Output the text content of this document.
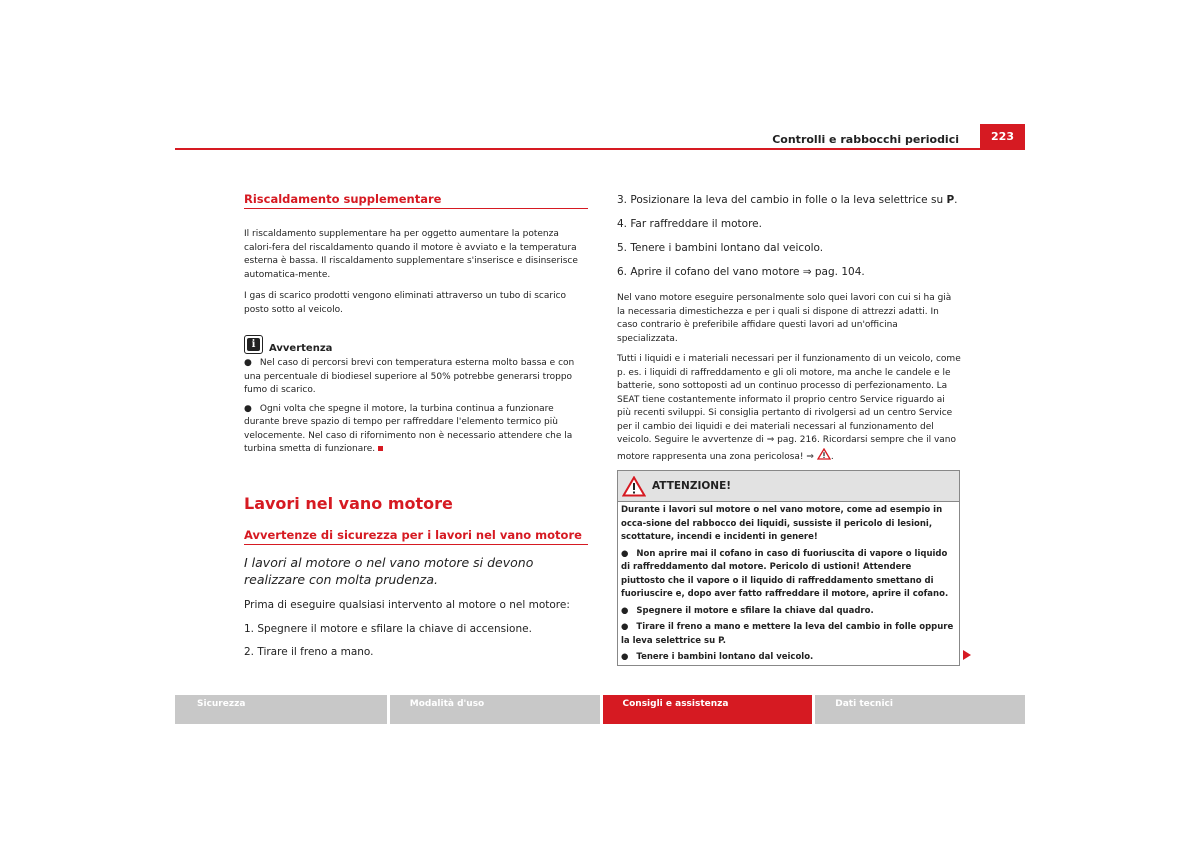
Controlli e rabbocchi periodici	223
Riscaldamento supplementare

Il riscaldamento supplementare ha per oggetto aumentare la potenza calori-fera del riscaldamento quando il motore è avviato e la temperatura esterna è bassa. Il riscaldamento supplementare s'inserisce e disinserisce automatica-mente.

I gas di scarico prodotti vengono eliminati attraverso un tubo di scarico posto sotto al veicolo.

i	Avvertenza

● Nel caso di percorsi brevi con temperatura esterna molto bassa e con una percentuale di biodiesel superiore al 50% potrebbe generarsi troppo fumo di scarico.

● Ogni volta che spegne il motore, la turbina continua a funzionare durante breve spazio di tempo per raffreddare l'elemento termico più velocemente. Nel caso di rifornimento non è necessario attendere che la turbina smetta di funzionare.

Lavori nel vano motore
Avvertenze di sicurezza per i lavori nel vano motore

I lavori al motore o nel vano motore si devono realizzare con molta prudenza.

Prima di eseguire qualsiasi intervento al motore o nel motore:

1. Spegnere il motore e sfilare la chiave di accensione.

2. Tirare il freno a mano.

3. Posizionare la leva del cambio in folle o la leva selettrice su P.

4. Far raffreddare il motore.

5. Tenere i bambini lontano dal veicolo.

6. Aprire il cofano del vano motore ⇒ pag. 104.

Nel vano motore eseguire personalmente solo quei lavori con cui si ha già la necessaria dimestichezza e per i quali si dispone di attrezzi adatti. In caso contrario è preferibile affidare questi lavori ad un'officina specializzata.

Tutti i liquidi e i materiali necessari per il funzionamento di un veicolo, come p. es. i liquidi di raffreddamento e gli oli motore, ma anche le candele e le batterie, sono sottoposti ad un continuo processo di perfezionamento. La SEAT tiene costantemente informato il proprio centro Service riguardo ai più recenti sviluppi. Si consiglia pertanto di rivolgersi ad un centro Service per il cambio dei liquidi e dei materiali necessari al funzionamento del veicolo. Seguire le avvertenze di ⇒ pag. 216. Ricordarsi sempre che il vano motore rappresenta una zona pericolosa! ⇒ .

ATTENZIONE!

Durante i lavori sul motore o nel vano motore, come ad esempio in occa-sione del rabbocco dei liquidi, sussiste il pericolo di lesioni, scottature, incendi e incidenti in genere!

● Non aprire mai il cofano in caso di fuoriuscita di vapore o liquido di raffreddamento dal motore. Pericolo di ustioni! Attendere piuttosto che il vapore o il liquido di raffreddamento smettano di fuoriuscire e, dopo aver fatto raffreddare il motore, aprire il cofano.

● Spegnere il motore e sfilare la chiave dal quadro.

● Tirare il freno a mano e mettere la leva del cambio in folle oppure la leva selettrice su P.

● Tenere i bambini lontano dal veicolo.

Sicurezza	Modalità d'uso	Consigli e assistenza	Dati tecnici
